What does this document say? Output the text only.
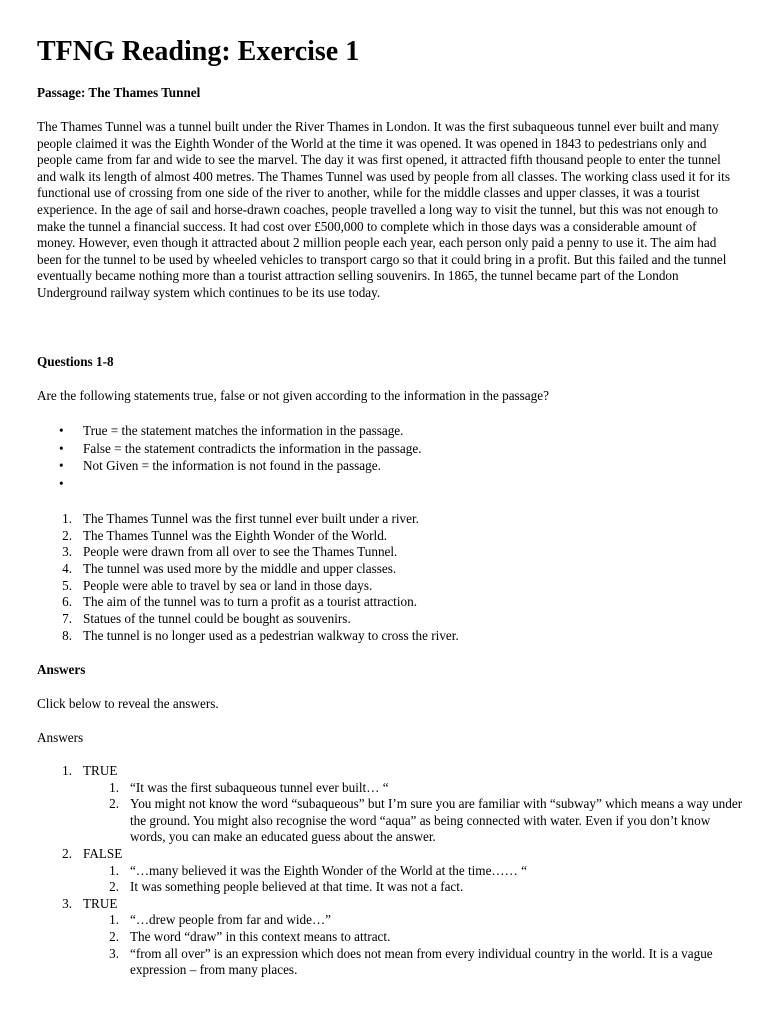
TFNG Reading: Exercise 1
Passage: The Thames Tunnel

The Thames Tunnel was a tunnel built under the River Thames in London. It was the first subaqueous tunnel ever built and many people claimed it was the Eighth Wonder of the World at the time it was opened. It was opened in 1843 to pedestrians only and people came from far and wide to see the marvel. The day it was first opened, it attracted fifth thousand people to enter the tunnel and walk its length of almost 400 metres. The Thames Tunnel was used by people from all classes. The working class used it for its functional use of crossing from one side of the river to another, while for the middle classes and upper classes, it was a tourist experience. In the age of sail and horse-drawn coaches, people travelled a long way to visit the tunnel, but this was not enough to make the tunnel a financial success. It had cost over £500,000 to complete which in those days was a considerable amount of money. However, even though it attracted about 2 million people each year, each person only paid a penny to use it. The aim had been for the tunnel to be used by wheeled vehicles to transport cargo so that it could bring in a profit. But this failed and the tunnel eventually became nothing more than a tourist attraction selling souvenirs. In 1865, the tunnel became part of the London Underground railway system which continues to be its use today.

Questions 1-8

Are the following statements true, false or not given according to the information in the passage?

• True = the statement matches the information in the passage.
• False = the statement contradicts the information in the passage.
• Not Given = the information is not found in the passage.
•
1. The Thames Tunnel was the first tunnel ever built under a river.
2. The Thames Tunnel was the Eighth Wonder of the World.
3. People were drawn from all over to see the Thames Tunnel.
4. The tunnel was used more by the middle and upper classes.
5. People were able to travel by sea or land in those days.
6. The aim of the tunnel was to turn a profit as a tourist attraction.
7. Statues of the tunnel could be bought as souvenirs.
8. The tunnel is no longer used as a pedestrian walkway to cross the river.
Answers

Click below to reveal the answers.

Answers

1. TRUE
1. “It was the first subaqueous tunnel ever built… “
2. You might not know the word “subaqueous” but I’m sure you are familiar with “subway” which means a way under the ground. You might also recognise the word “aqua” as being connected with water. Even if you don’t know words, you can make an educated guess about the answer.
2. FALSE
1. “…many believed it was the Eighth Wonder of the World at the time…… “
2. It was something people believed at that time. It was not a fact.
3. TRUE
1. “…drew people from far and wide…”
2. The word “draw” in this context means to attract.
3. “from all over” is an expression which does not mean from every individual country in the world. It is a vague expression – from many places.
